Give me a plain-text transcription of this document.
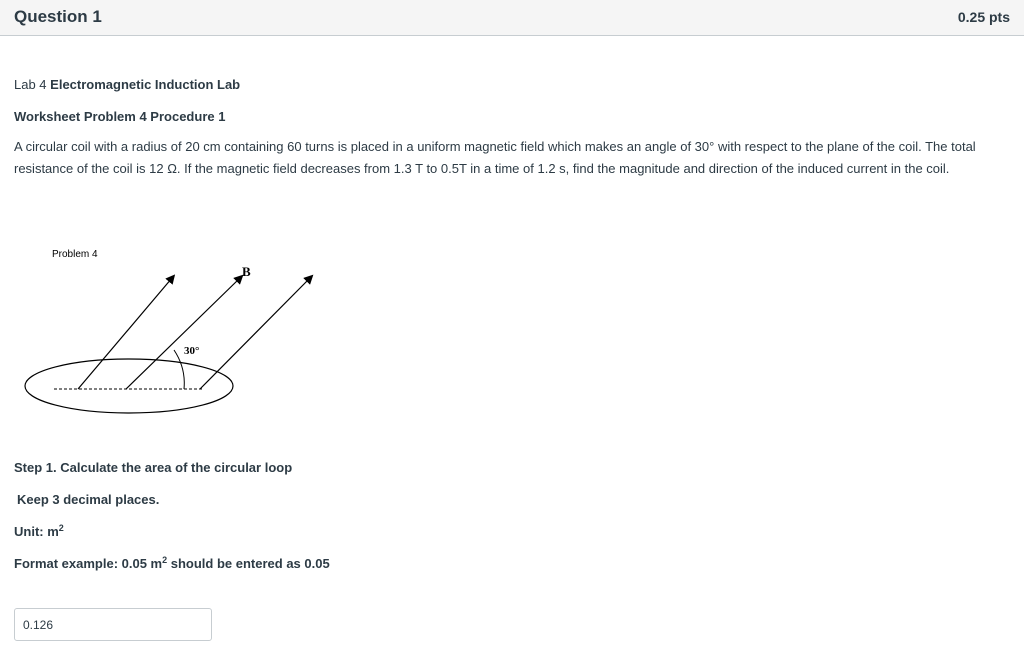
Question 1	0.25 pts
Lab 4 Electromagnetic Induction Lab
Worksheet Problem 4 Procedure 1
A circular coil with a radius of 20 cm containing 60 turns is placed in a uniform magnetic field which makes an angle of 30° with respect to the plane of the coil. The total resistance of the coil is 12 Ω. If the magnetic field decreases from 1.3 T to 0.5T in a time of 1.2 s, find the magnitude and direction of the induced current in the coil.
Problem 4
B
30°
Step 1. Calculate the area of the circular loop
Keep 3 decimal places.
Unit: $m^2$
Format example: 0.05 $m^2$ should be entered as 0.05
0.126
